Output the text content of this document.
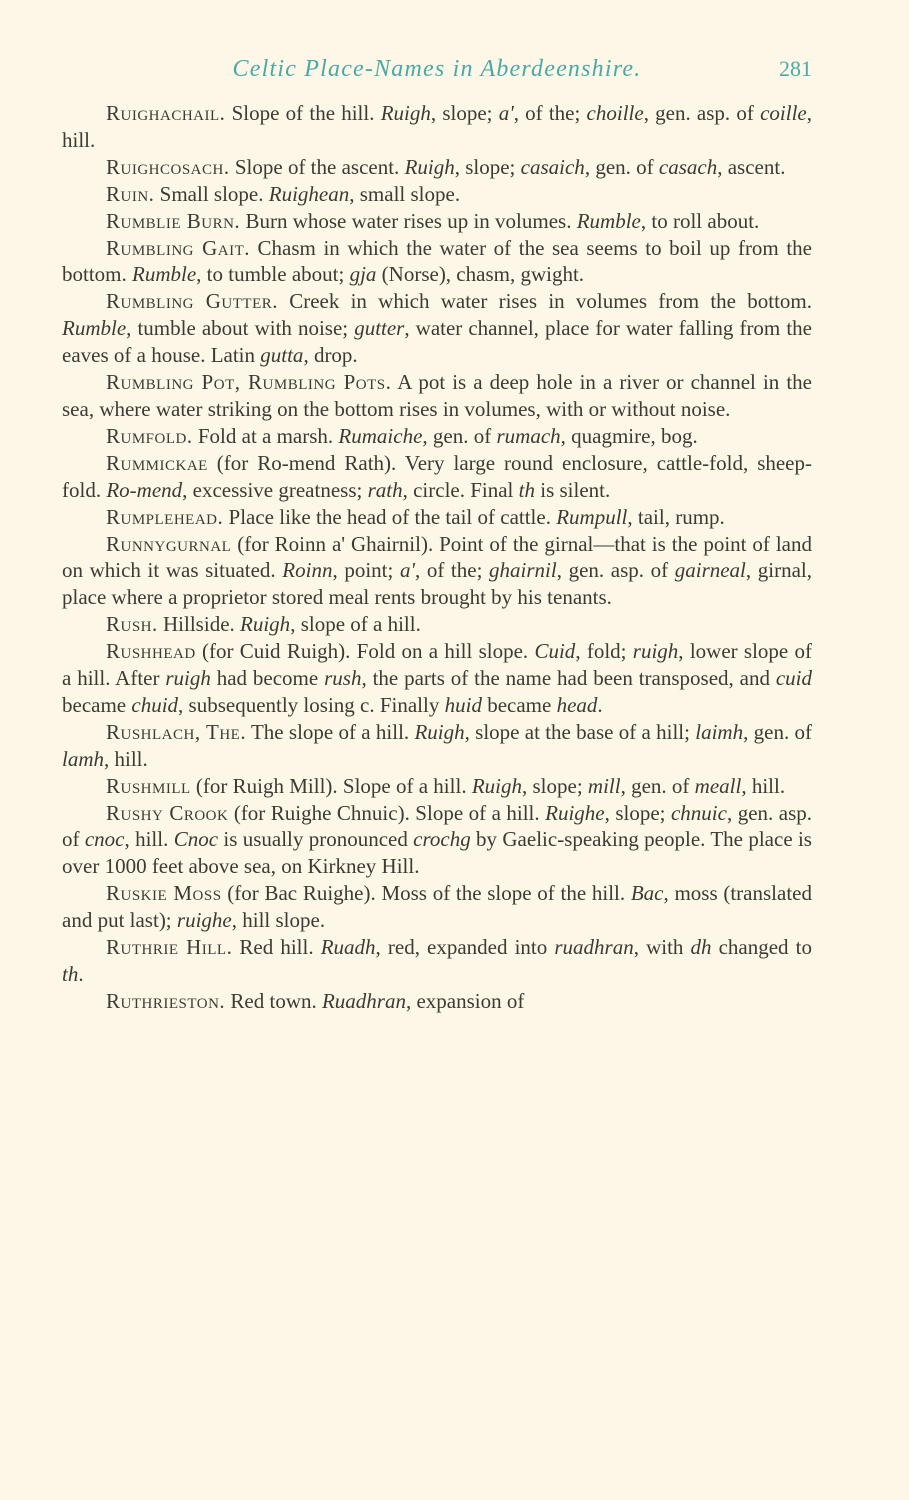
Celtic Place-Names in Aberdeenshire.	281

Ruighachail. Slope of the hill. Ruigh, slope; a', of the; choille, gen. asp. of coille, hill.

Ruighcosach. Slope of the ascent. Ruigh, slope; casaich, gen. of casach, ascent.

Ruin. Small slope. Ruighean, small slope.

Rumblie Burn. Burn whose water rises up in volumes. Rumble, to roll about.

Rumbling Gait. Chasm in which the water of the sea seems to boil up from the bottom. Rumble, to tumble about; gja (Norse), chasm, gwight.

Rumbling Gutter. Creek in which water rises in volumes from the bottom. Rumble, tumble about with noise; gutter, water channel, place for water falling from the eaves of a house. Latin gutta, drop.

Rumbling Pot, Rumbling Pots. A pot is a deep hole in a river or channel in the sea, where water striking on the bottom rises in volumes, with or without noise.

Rumfold. Fold at a marsh. Rumaiche, gen. of rumach, quagmire, bog.

Rummickae (for Ro-mend Rath). Very large round enclosure, cattle-fold, sheep-fold. Ro-mend, excessive greatness; rath, circle. Final th is silent.

Rumplehead. Place like the head of the tail of cattle. Rumpull, tail, rump.

Runnygurnal (for Roinn a' Ghairnil). Point of the girnal—that is the point of land on which it was situated. Roinn, point; a', of the; ghairnil, gen. asp. of gairneal, girnal, place where a proprietor stored meal rents brought by his tenants.

Rush. Hillside. Ruigh, slope of a hill.

Rushhead (for Cuid Ruigh). Fold on a hill slope. Cuid, fold; ruigh, lower slope of a hill. After ruigh had become rush, the parts of the name had been transposed, and cuid became chuid, subsequently losing c. Finally huid became head.

Rushlach, The. The slope of a hill. Ruigh, slope at the base of a hill; laimh, gen. of lamh, hill.

Rushmill (for Ruigh Mill). Slope of a hill. Ruigh, slope; mill, gen. of meall, hill.

Rushy Crook (for Ruighe Chnuic). Slope of a hill. Ruighe, slope; chnuic, gen. asp. of cnoc, hill. Cnoc is usually pronounced crochg by Gaelic-speaking people. The place is over 1000 feet above sea, on Kirkney Hill.

Ruskie Moss (for Bac Ruighe). Moss of the slope of the hill. Bac, moss (translated and put last); ruighe, hill slope.

Ruthrie Hill. Red hill. Ruadh, red, expanded into ruadhran, with dh changed to th.

Ruthrieston. Red town. Ruadhran, expansion of
